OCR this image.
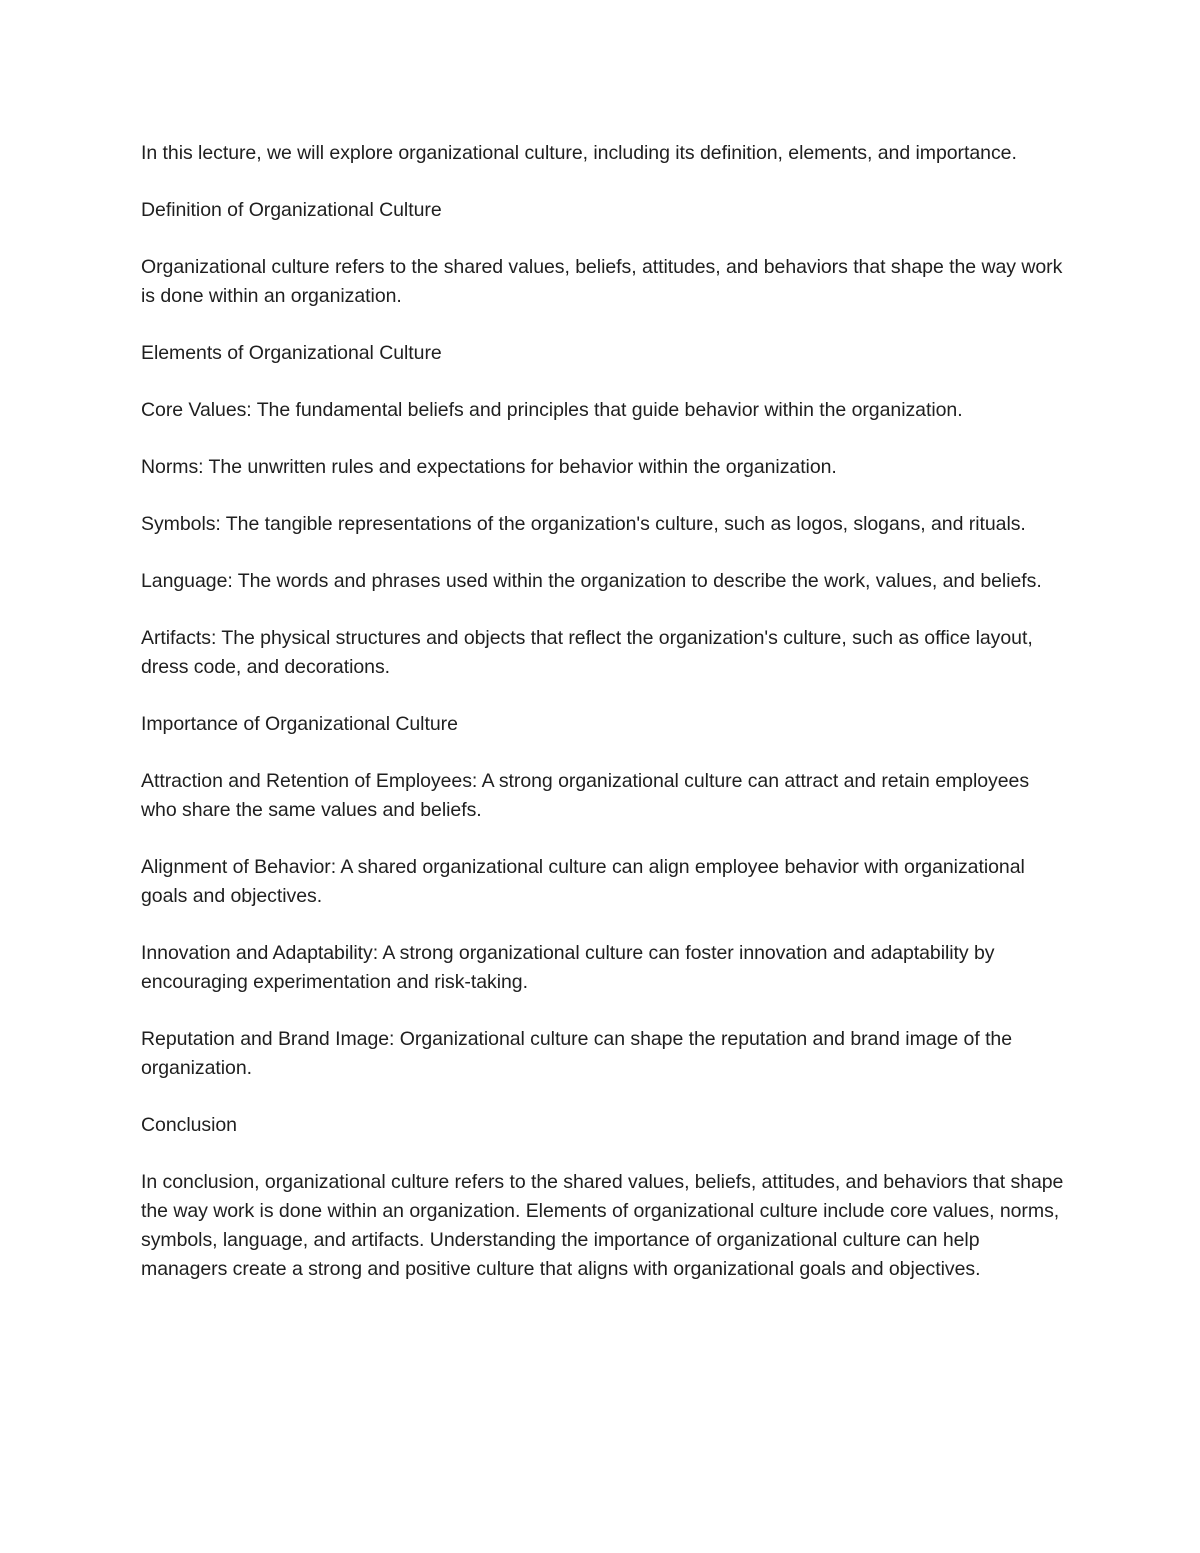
In this lecture, we will explore organizational culture, including its definition, elements, and importance.

Definition of Organizational Culture

Organizational culture refers to the shared values, beliefs, attitudes, and behaviors that shape the way work is done within an organization.

Elements of Organizational Culture

Core Values: The fundamental beliefs and principles that guide behavior within the organization.

Norms: The unwritten rules and expectations for behavior within the organization.

Symbols: The tangible representations of the organization's culture, such as logos, slogans, and rituals.

Language: The words and phrases used within the organization to describe the work, values, and beliefs.

Artifacts: The physical structures and objects that reflect the organization's culture, such as office layout, dress code, and decorations.

Importance of Organizational Culture

Attraction and Retention of Employees: A strong organizational culture can attract and retain employees who share the same values and beliefs.

Alignment of Behavior: A shared organizational culture can align employee behavior with organizational goals and objectives.

Innovation and Adaptability: A strong organizational culture can foster innovation and adaptability by encouraging experimentation and risk-taking.

Reputation and Brand Image: Organizational culture can shape the reputation and brand image of the organization.

Conclusion

In conclusion, organizational culture refers to the shared values, beliefs, attitudes, and behaviors that shape the way work is done within an organization. Elements of organizational culture include core values, norms, symbols, language, and artifacts. Understanding the importance of organizational culture can help managers create a strong and positive culture that aligns with organizational goals and objectives.
